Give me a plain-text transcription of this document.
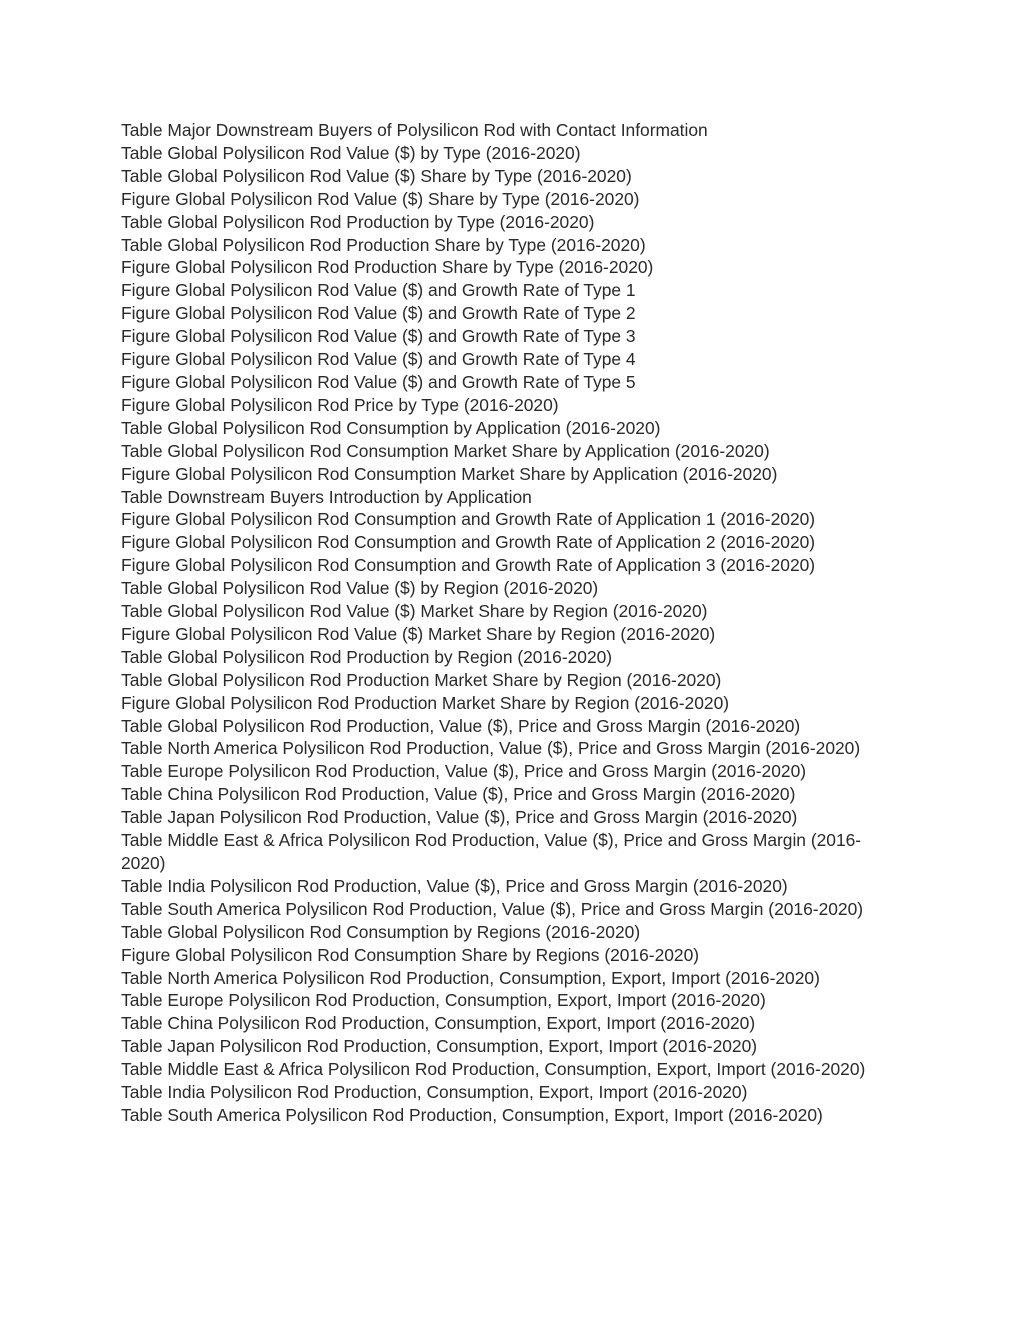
Table Major Downstream Buyers of Polysilicon Rod with Contact Information
Table Global Polysilicon Rod Value ($) by Type (2016-2020)
Table Global Polysilicon Rod Value ($) Share by Type (2016-2020)
Figure Global Polysilicon Rod Value ($) Share by Type (2016-2020)
Table Global Polysilicon Rod Production by Type (2016-2020)
Table Global Polysilicon Rod Production Share by Type (2016-2020)
Figure Global Polysilicon Rod Production Share by Type (2016-2020)
Figure Global Polysilicon Rod Value ($) and Growth Rate of Type 1
Figure Global Polysilicon Rod Value ($) and Growth Rate of Type 2
Figure Global Polysilicon Rod Value ($) and Growth Rate of Type 3
Figure Global Polysilicon Rod Value ($) and Growth Rate of Type 4
Figure Global Polysilicon Rod Value ($) and Growth Rate of Type 5
Figure Global Polysilicon Rod Price by Type (2016-2020)
Table Global Polysilicon Rod Consumption by Application (2016-2020)
Table Global Polysilicon Rod Consumption Market Share by Application (2016-2020)
Figure Global Polysilicon Rod Consumption Market Share by Application (2016-2020)
Table Downstream Buyers Introduction by Application
Figure Global Polysilicon Rod Consumption and Growth Rate of Application 1 (2016-2020)
Figure Global Polysilicon Rod Consumption and Growth Rate of Application 2 (2016-2020)
Figure Global Polysilicon Rod Consumption and Growth Rate of Application 3 (2016-2020)
Table Global Polysilicon Rod Value ($) by Region (2016-2020)
Table Global Polysilicon Rod Value ($) Market Share by Region (2016-2020)
Figure Global Polysilicon Rod Value ($) Market Share by Region (2016-2020)
Table Global Polysilicon Rod Production by Region (2016-2020)
Table Global Polysilicon Rod Production Market Share by Region (2016-2020)
Figure Global Polysilicon Rod Production Market Share by Region (2016-2020)
Table Global Polysilicon Rod Production, Value ($), Price and Gross Margin (2016-2020)
Table North America Polysilicon Rod Production, Value ($), Price and Gross Margin (2016-2020)
Table Europe Polysilicon Rod Production, Value ($), Price and Gross Margin (2016-2020)
Table China Polysilicon Rod Production, Value ($), Price and Gross Margin (2016-2020)
Table Japan Polysilicon Rod Production, Value ($), Price and Gross Margin (2016-2020)
Table Middle East & Africa Polysilicon Rod Production, Value ($), Price and Gross Margin (2016-2020)
Table India Polysilicon Rod Production, Value ($), Price and Gross Margin (2016-2020)
Table South America Polysilicon Rod Production, Value ($), Price and Gross Margin (2016-2020)
Table Global Polysilicon Rod Consumption by Regions (2016-2020)
Figure Global Polysilicon Rod Consumption Share by Regions (2016-2020)
Table North America Polysilicon Rod Production, Consumption, Export, Import (2016-2020)
Table Europe Polysilicon Rod Production, Consumption, Export, Import (2016-2020)
Table China Polysilicon Rod Production, Consumption, Export, Import (2016-2020)
Table Japan Polysilicon Rod Production, Consumption, Export, Import (2016-2020)
Table Middle East & Africa Polysilicon Rod Production, Consumption, Export, Import (2016-2020)
Table India Polysilicon Rod Production, Consumption, Export, Import (2016-2020)
Table South America Polysilicon Rod Production, Consumption, Export, Import (2016-2020)
